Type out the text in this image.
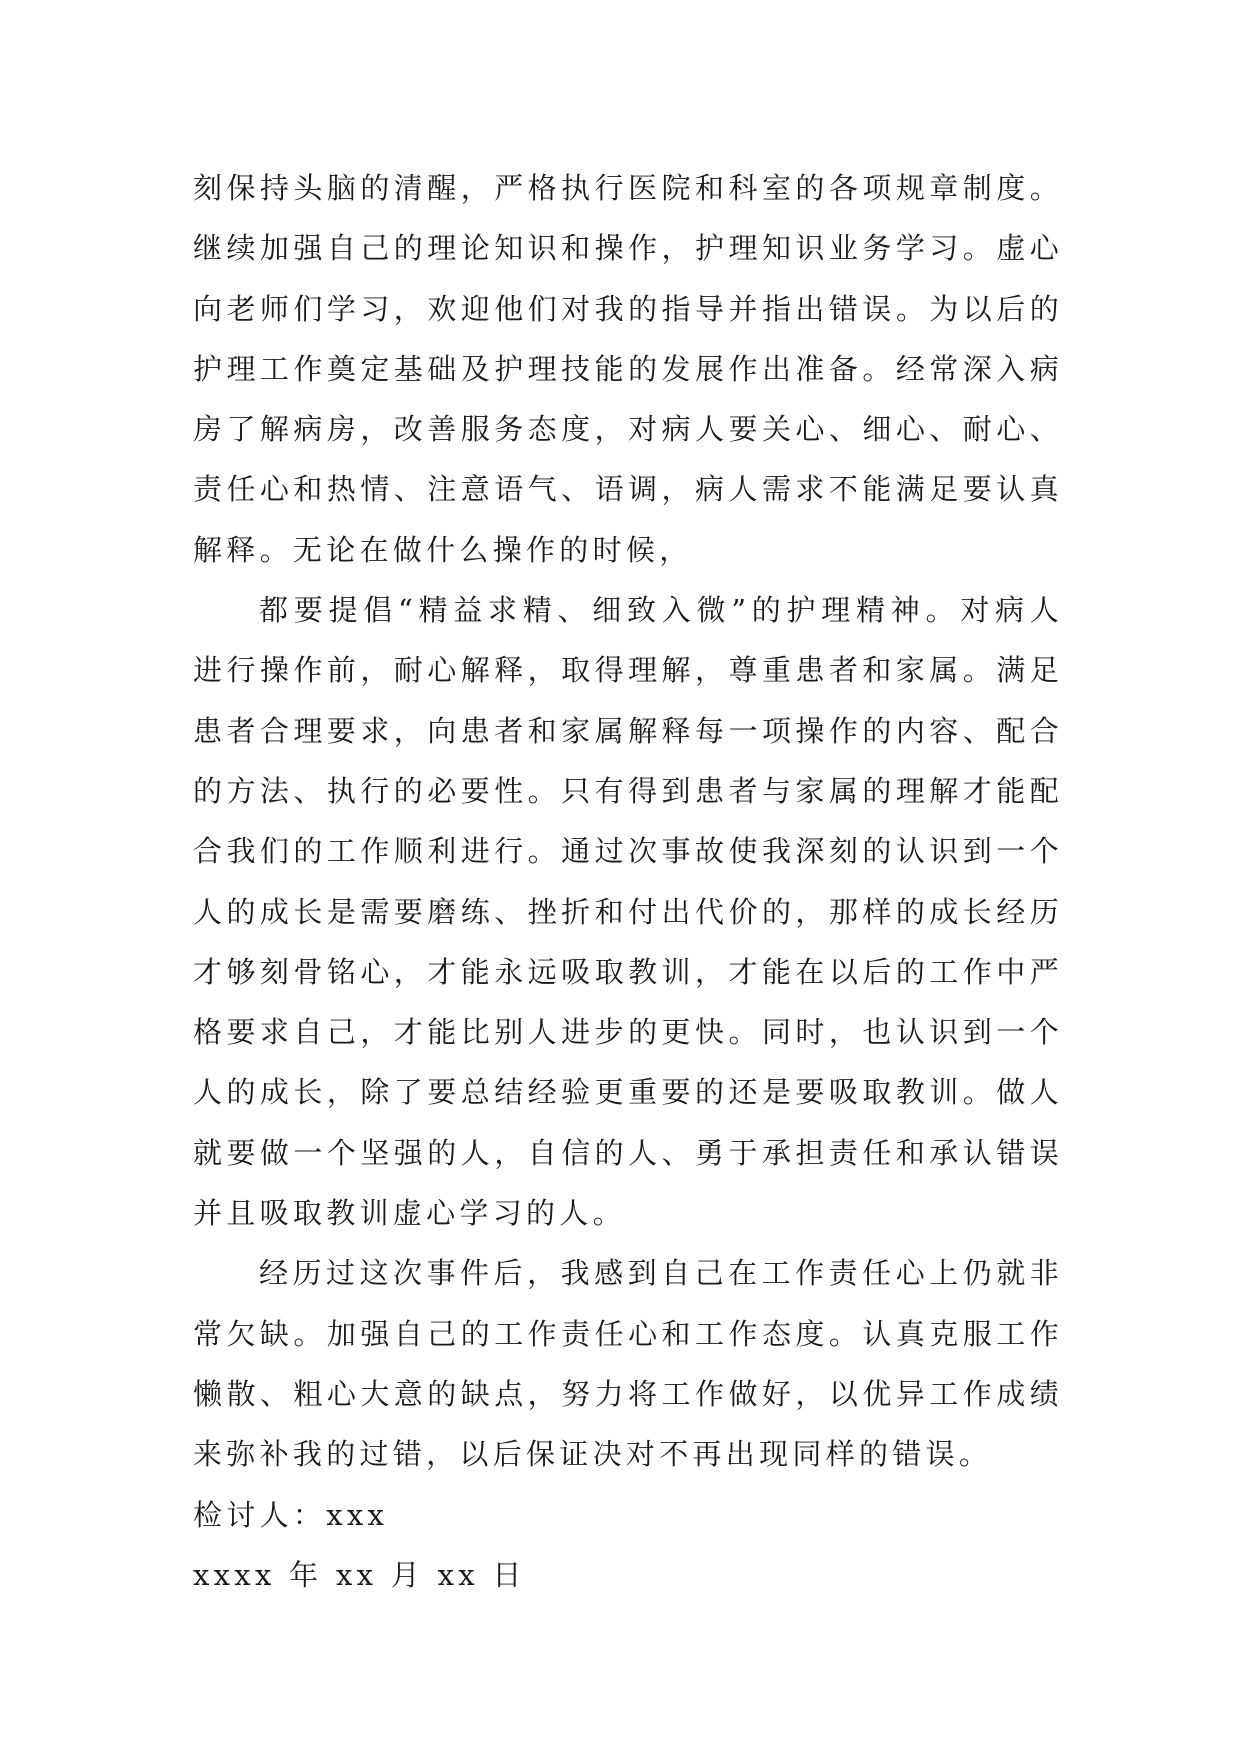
刻保持头脑的清醒，严格执行医院和科室的各项规章制度。继续加强自己的理论知识和操作，护理知识业务学习。虚心向老师们学习，欢迎他们对我的指导并指出错误。为以后的护理工作奠定基础及护理技能的发展作出准备。经常深入病房了解病房，改善服务态度，对病人要关心、细心、耐心、责任心和热情、注意语气、语调，病人需求不能满足要认真解释。无论在做什么操作的时候，

都要提倡“精益求精、细致入微”的护理精神。对病人进行操作前，耐心解释，取得理解，尊重患者和家属。满足患者合理要求，向患者和家属解释每一项操作的内容、配合的方法、执行的必要性。只有得到患者与家属的理解才能配合我们的工作顺利进行。通过次事故使我深刻的认识到一个人的成长是需要磨练、挫折和付出代价的，那样的成长经历才够刻骨铭心，才能永远吸取教训，才能在以后的工作中严格要求自己，才能比别人进步的更快。同时，也认识到一个人的成长，除了要总结经验更重要的还是要吸取教训。做人就要做一个坚强的人，自信的人、勇于承担责任和承认错误并且吸取教训虚心学习的人。

经历过这次事件后，我感到自己在工作责任心上仍就非常欠缺。加强自己的工作责任心和工作态度。认真克服工作懒散、粗心大意的缺点，努力将工作做好，以优异工作成绩来弥补我的过错，以后保证决对不再出现同样的错误。

检讨人：xxx

xxxx 年 xx 月 xx 日
